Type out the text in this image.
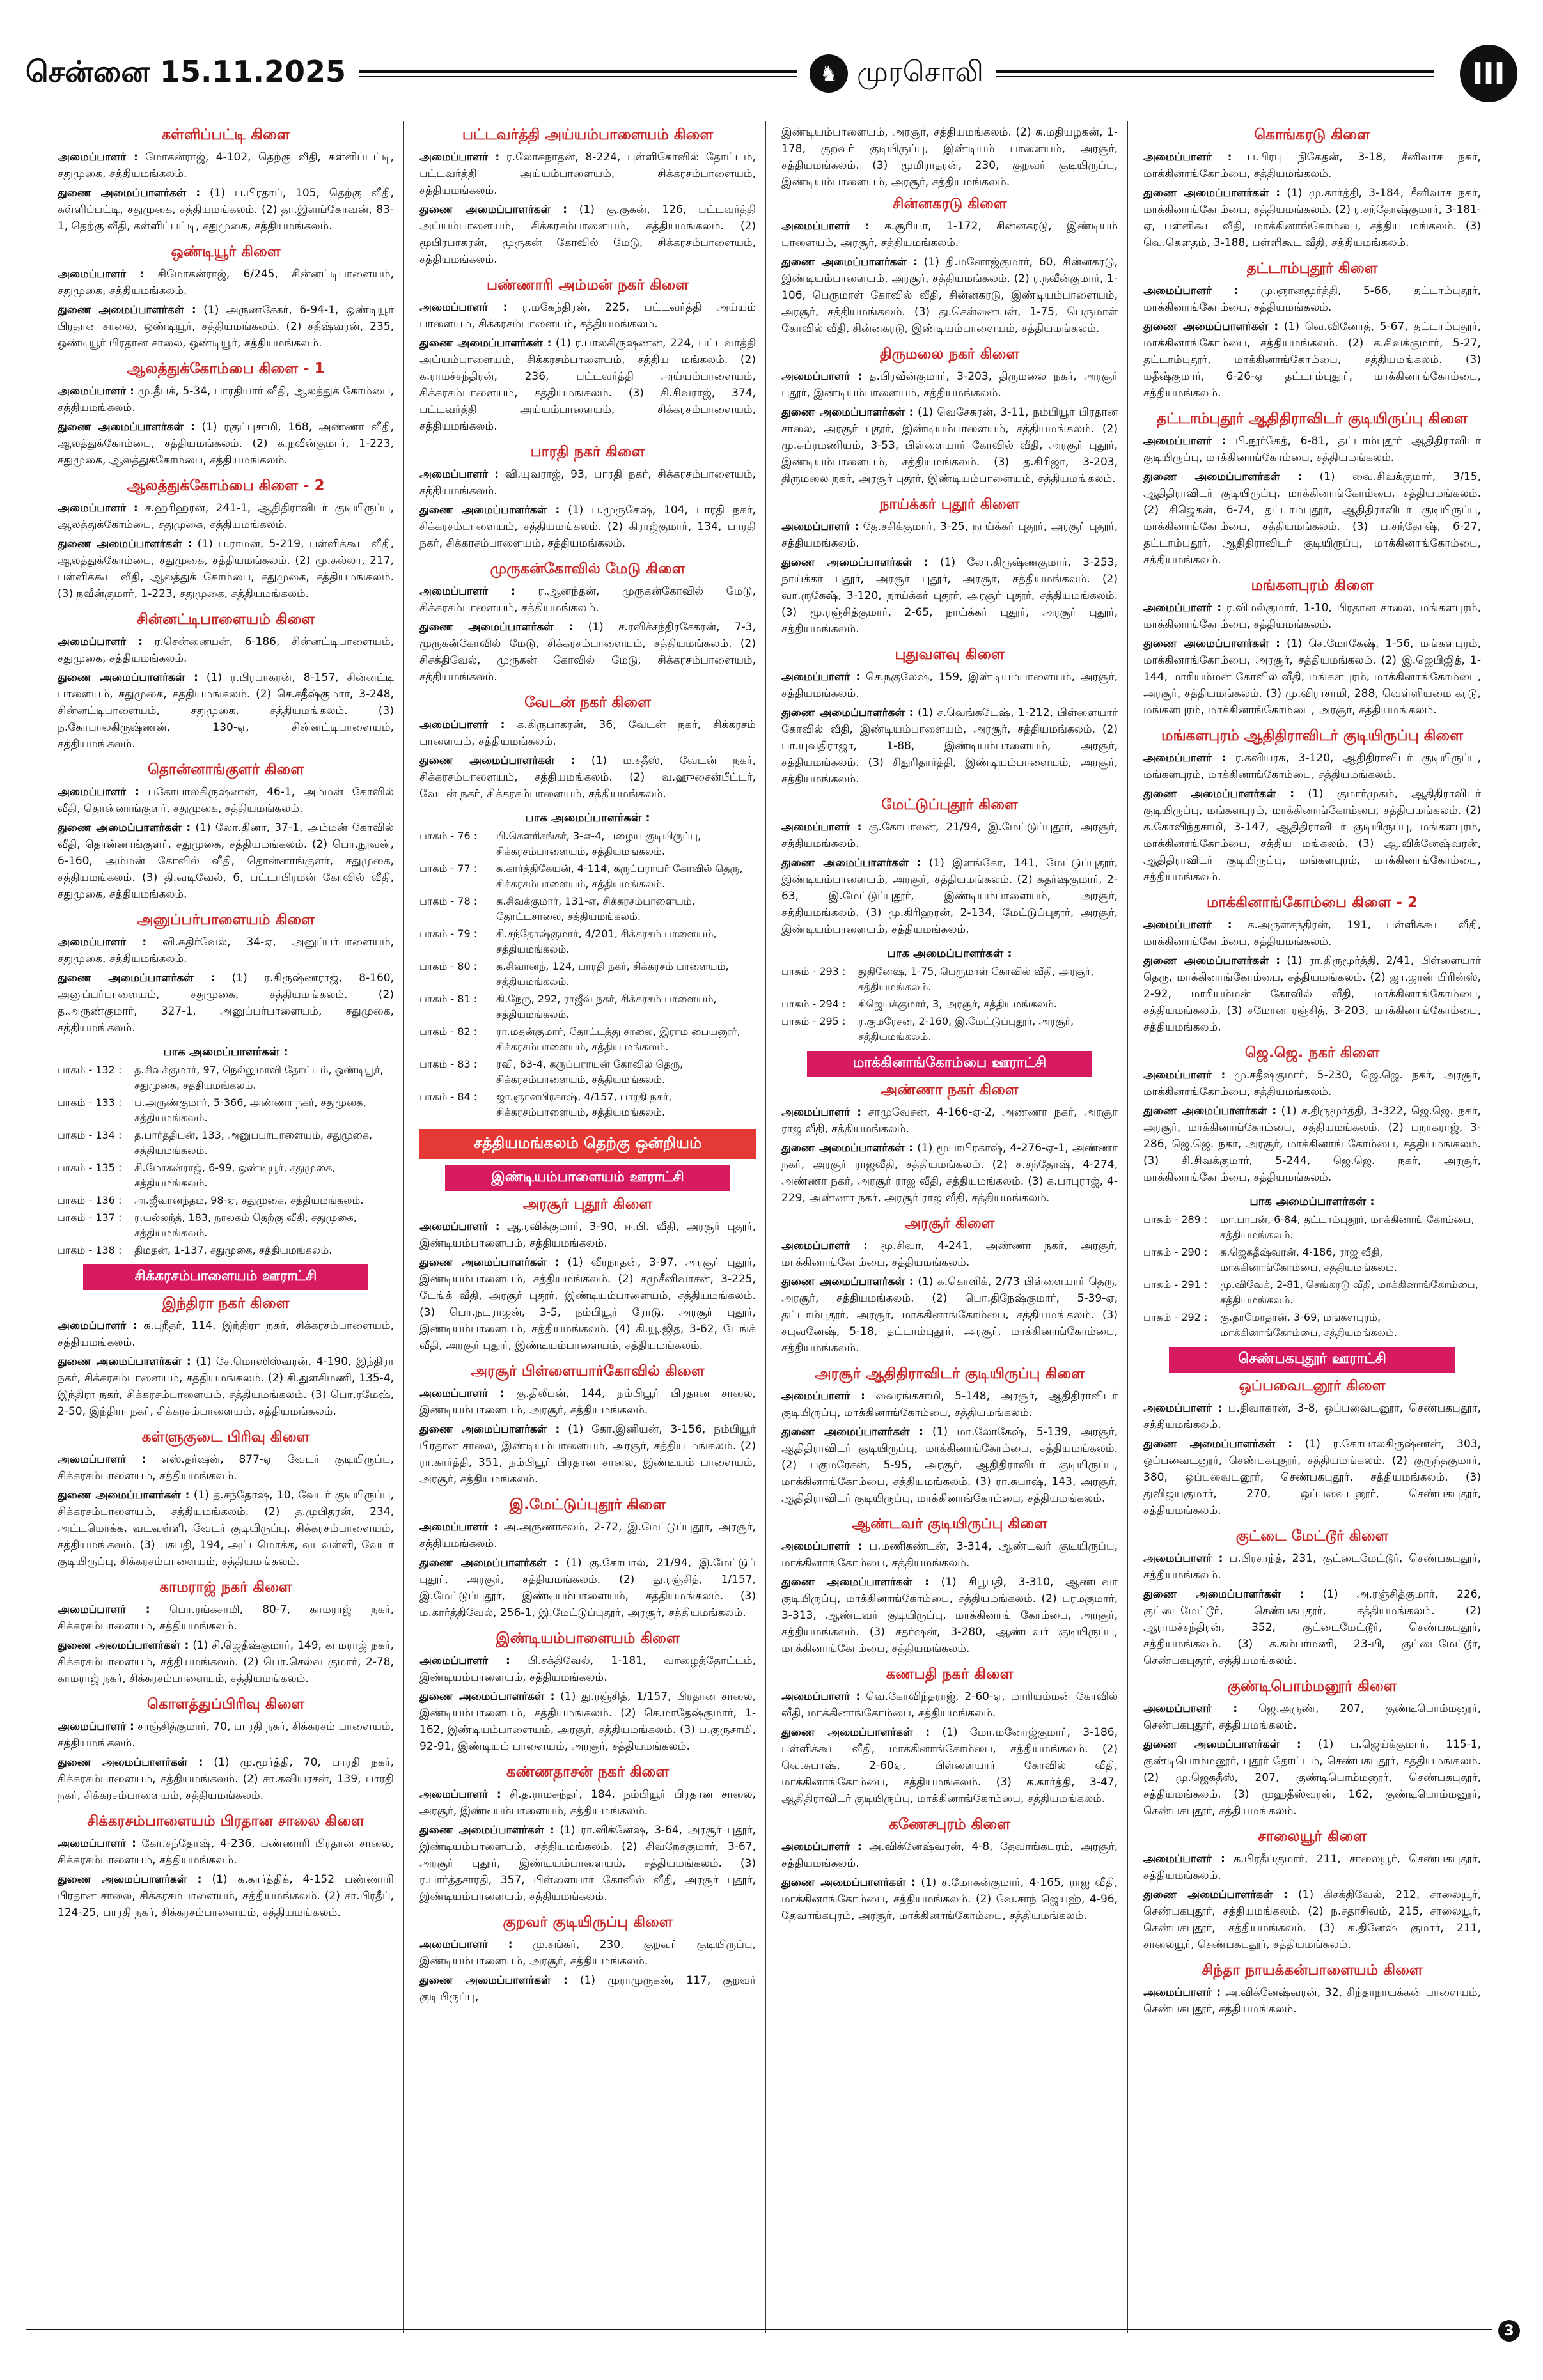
சென்னை 15.11.2025	♞ முரசொலி	III
கள்ளிப்பட்டி கிளை
அமைப்பாளர் : மோகன்ராஜ், 4-102, தெற்கு வீதி, கள்ளிப்பட்டி, சதுமுகை, சத்தியமங்கலம்.
துணை அமைப்பாளர்கள் : (1) ப.பிரதாப், 105, தெற்கு வீதி, கள்ளிப்பட்டி, சதுமுகை, சத்தியமங்கலம். (2) தா.இளங்கோவன், 83-1, தெற்கு வீதி, கள்ளிப்பட்டி, சதுமுகை, சத்தியமங்கலம்.
ஒண்டியூர் கிளை
அமைப்பாளர் : சிமோகன்ராஜ், 6/245, சின்னட்டிபாளையம், சதுமுகை, சத்தியமங்கலம்.
துணை அமைப்பாளர்கள் : (1) அருணசேகர், 6-94-1, ஒண்டியூர் பிரதான சாலை, ஒண்டியூர், சத்தியமங்கலம். (2) சதீஷ்வரன், 235, ஒண்டியூர் பிரதான சாலை, ஒண்டியூர், சத்தியமங்கலம்.
ஆலத்துக்கோம்பை கிளை - 1
அமைப்பாளர் : மு.தீபக், 5-34, பாரதியார் வீதி, ஆலத்துக் கோம்பை, சத்தியமங்கலம்.
துணை அமைப்பாளர்கள் : (1) ரகுப்புசாமி, 168, அண்ணா வீதி, ஆலத்துக்கோம்பை, சத்தியமங்கலம். (2) க.நவீன்குமார், 1-223, சதுமுகை, ஆலத்துக்கோம்பை, சத்தியமங்கலம்.
ஆலத்துக்கோம்பை கிளை - 2
அமைப்பாளர் : ச.ஹரிஹரன், 241-1, ஆதிதிராவிடர் குடியிருப்பு, ஆலத்துக்கோம்பை, சதுமுகை, சத்தியமங்கலம்.
துணை அமைப்பாளர்கள் : (1) ப.ராமன், 5-219, பள்ளிக்கூட வீதி, ஆலத்துக்கோம்பை, சதுமுகை, சத்தியமங்கலம். (2) மூ.சுல்லா, 217, பள்ளிக்கூட வீதி, ஆலத்துக் கோம்பை, சதுமுகை, சத்தியமங்கலம். (3) நவீன்குமார், 1-223, சதுமுகை, சத்தியமங்கலம்.
சின்னட்டிபாளையம் கிளை
அமைப்பாளர் : ர.சென்னையன், 6-186, சின்னட்டிபாளையம், சதுமுகை, சத்தியமங்கலம்.
துணை அமைப்பாளர்கள் : (1) ர.பிரபாகரன், 8-157, சின்னட்டி பாளையம், சதுமுகை, சத்தியமங்கலம். (2) செ.சதீஷ்குமார், 3-248, சின்னட்டிபாளையம், சதுமுகை, சத்தியமங்கலம். (3) ந.கோபாலகிருஷ்ணன், 130-ஏ, சின்னட்டிபாளையம், சத்தியமங்கலம்.
தொன்னாங்குளர் கிளை
அமைப்பாளர் : பகோபாலகிருஷ்ணன், 46-1, அம்மன் கோவில் வீதி, தொன்னாங்குளர், சதுமுகை, சத்தியமங்கலம்.
துணை அமைப்பாளர்கள் : (1) லோ.தினா, 37-1, அம்மன் கோவில் வீதி, தொன்னாங்குளர், சதுமுகை, சத்தியமங்கலம். (2) பொ.நூவன், 6-160, அம்மன் கோவில் வீதி, தொன்னாங்குளர், சதுமுகை, சத்தியமங்கலம். (3) தி.வடிவேல், 6, பட்டாபிரமன் கோவில் வீதி, சதுமுகை, சத்தியமங்கலம்.
அனுப்பர்பாளையம் கிளை
அமைப்பாளர் : வி.சுதிர்வேல், 34-ஏ, அனுப்பர்பாளையம், சதுமுகை, சத்தியமங்கலம்.
துணை அமைப்பாளர்கள் : (1) ர.கிருஷ்ணராஜ், 8-160, அனுப்பர்பாளையம், சதுமுகை, சத்தியமங்கலம். (2) த.அருண்குமார், 327-1, அனுப்பர்பாளையம், சதுமுகை, சத்தியமங்கலம்.
பாக அமைப்பாளர்கள் :
பாகம் - 132 :	த.சிவக்குமார், 97, நெல்லுமாவி தோட்டம், ஒண்டியூர், சதுமுகை, சத்தியமங்கலம்.
பாகம் - 133 :	ப.அருண்குமார், 5-366, அண்ணா நகர், சதுமுகை, சத்தியமங்கலம்.
பாகம் - 134 :	த.பார்த்திபன், 133, அனுப்பர்பாளையம், சதுமுகை, சத்தியமங்கலம்.
பாகம் - 135 :	சி.மோகன்ராஜ், 6-99, ஒண்டியூர், சதுமுகை, சத்தியமங்கலம்.
பாகம் - 136 :	அ.ஜீவானந்தம், 98-ஏ, சதுமுகை, சத்தியமங்கலம்.
பாகம் - 137 :	ர.யல்லந்த், 183, நாலகம் தெற்கு வீதி, சதுமுகை, சத்தியமங்கலம்.
பாகம் - 138 :	திமதன், 1-137, சதுமுகை, சத்தியமங்கலம்.
சிக்கரசம்பாளையம் ஊராட்சி
இந்திரா நகர் கிளை
அமைப்பாளர் : க.புநீதர், 114, இந்திரா நகர், சிக்கரசம்பாளையம், சத்தியமங்கலம்.
துணை அமைப்பாளர்கள் : (1) சே.மொஸிஸ்வரன், 4-190, இந்திரா நகர், சிக்கரசம்பாளையம், சத்தியமங்கலம். (2) சி.துளசிமணி, 135-4, இந்திரா நகர், சிக்கரசம்பாளையம், சத்தியமங்கலம். (3) பொ.ரமேஷ், 2-50, இந்திரா நகர், சிக்கரசம்பாளையம், சத்தியமங்கலம்.
கள்ளுகுடை பிரிவு கிளை
அமைப்பாளர் : எஸ்.தர்ஷன், 877-ஏ வேடர் குடியிருப்பு, சிக்கரசம்பாளையம், சத்தியமங்கலம்.
துணை அமைப்பாளர்கள் : (1) த.சந்தோஷ், 10, வேடர் குடியிருப்பு, சிக்கரசம்பாளையம், சத்தியமங்கலம். (2) த.முபிதரன், 234, அட்டமொக்க, வடவள்ளி, வேடர் குடியிருப்பு, சிக்கரசம்பாளையம், சத்தியமங்கலம். (3) பசுபதி, 194, அட்டமொக்க, வடவள்ளி, வேடர் குடியிருப்பு, சிக்கரசம்பாளையம், சத்தியமங்கலம்.
காமராஜ் நகர் கிளை
அமைப்பாளர் : பொ.ரங்கசாமி, 80-7, காமராஜ் நகர், சிக்கரசம்பாளையம், சத்தியமங்கலம்.
துணை அமைப்பாளர்கள் : (1) சி.ஜெதீஷ்குமார், 149, காமராஜ் நகர், சிக்கரசம்பாளையம், சத்தியமங்கலம். (2) பொ.செல்வ குமார், 2-78, காமராஜ் நகர், சிக்கரசம்பாளையம், சத்தியமங்கலம்.
கொளத்துப்பிரிவு கிளை
அமைப்பாளர் : சாஞ்சித்குமார், 70, பாரதி நகர், சிக்கரசம் பாளையம், சத்தியமங்கலம்.
துணை அமைப்பாளர்கள் : (1) மு.மூர்த்தி, 70, பாரதி நகர், சிக்கரசம்பாளையம், சத்தியமங்கலம். (2) சா.கவியரசன், 139, பாரதி நகர், சிக்கரசம்பாளையம், சத்தியமங்கலம்.
சிக்கரசம்பாளையம் பிரதான சாலை கிளை
அமைப்பாளர் : கோ.சந்தோஷ், 4-236, பண்ணாரி பிரதான சாலை, சிக்கரசம்பாளையம், சத்தியமங்கலம்.
துணை அமைப்பாளர்கள் : (1) க.கார்த்திக், 4-152 பண்ணாரி பிரதான சாலை, சிக்கரசம்பாளையம், சத்தியமங்கலம். (2) சா.பிரதீப், 124-25, பாரதி நகர், சிக்கரசம்பாளையம், சத்தியமங்கலம்.
பட்டவர்த்தி அய்யம்பாளையம் கிளை
அமைப்பாளர் : ர.லோகநாதன், 8-224, புள்ளிகோவில் தோட்டம், பட்டவர்த்தி அய்யம்பாளையம், சிக்கரசம்பாளையம், சத்தியமங்கலம்.
துணை அமைப்பாளர்கள் : (1) கு.குகன், 126, பட்டவர்த்தி அய்யம்பாளையம், சிக்கரசம்பாளையம், சத்தியமங்கலம். (2) மூபிரபாகரன், முருகன் கோவில் மேடு, சிக்கரசம்பாளையம், சத்தியமங்கலம்.
பண்ணாரி அம்மன் நகர் கிளை
அமைப்பாளர் : ர.மகேந்திரன், 225, பட்டவர்த்தி அய்யம் பாளையம், சிக்கரசம்பாளையம், சத்தியமங்கலம்.
துணை அமைப்பாளர்கள் : (1) ர.பாலகிருஷ்ணன், 224, பட்டவர்த்தி அய்யம்பாளையம், சிக்கரசம்பாளையம், சத்திய மங்கலம். (2) க.ராமச்சந்திரன், 236, பட்டவர்த்தி அய்யம்பாளையம், சிக்கரசம்பாளையம், சத்தியமங்கலம். (3) சி.சிவராஜ், 374, பட்டவர்த்தி அய்யம்பாளையம், சிக்கரசம்பாளையம், சத்தியமங்கலம்.
பாரதி நகர் கிளை
அமைப்பாளர் : வி.யுவராஜ், 93, பாரதி நகர், சிக்கரசம்பாளையம், சத்தியமங்கலம்.
துணை அமைப்பாளர்கள் : (1) ப.முருகேஷ், 104, பாரதி நகர், சிக்கரசம்பாளையம், சத்தியமங்கலம். (2) கிராஜ்குமார், 134, பாரதி நகர், சிக்கரசம்பாளையம், சத்தியமங்கலம்.
முருகன்கோவில் மேடு கிளை
அமைப்பாளர் : ர.ஆனந்தன், முருகன்கோவில் மேடு, சிக்கரசம்பாளையம், சத்தியமங்கலம்.
துணை அமைப்பாளர்கள் : (1) ச.ரவிச்சந்திரசேகரன், 7-3, முருகன்கோவில் மேடு, சிக்கரசம்பாளையம், சத்தியமங்கலம். (2) சிசக்திவேல், முருகன் கோவில் மேடு, சிக்கரசம்பாளையம், சத்தியமங்கலம்.
வேடன் நகர் கிளை
அமைப்பாளர் : க.கிருபாகரன், 36, வேடன் நகர், சிக்கரசம் பாளையம், சத்தியமங்கலம்.
துணை அமைப்பாளர்கள் : (1) ம.சதீஸ், வேடன் நகர், சிக்கரசம்பாளையம், சத்தியமங்கலம். (2) வ.ஹுசைன்பீட்டர், வேடன் நகர், சிக்கரசம்பாளையம், சத்தியமங்கலம்.
பாக அமைப்பாளர்கள் :
பாகம் - 76 :	பி.கெளரிசங்கர், 3-எ-4, பழைய குடியிருப்பு, சிக்கரசம்பாளையம், சத்தியமங்கலம்.
பாகம் - 77 :	க.கார்த்திகேயன், 4-114, கருப்பராயர் கோவில் தெரு, சிக்கரசம்பாளையம், சத்தியமங்கலம்.
பாகம் - 78 :	க.சிவக்குமார், 131-எ, சிக்கரசம்பாளையம், தோட்டசாலை, சத்தியமங்கலம்.
பாகம் - 79 :	சி.சந்தோஷ்குமார், 4/201, சிக்கரசம் பாளையம், சத்தியமங்கலம்.
பாகம் - 80 :	க.சிவானந், 124, பாரதி நகர், சிக்கரசம் பாளையம், சத்தியமங்கலம்.
பாகம் - 81 :	கி.நேரு, 292, ராஜீவ் நகர், சிக்கரசம் பாளையம், சத்தியமங்கலம்.
பாகம் - 82 :	ரா.மதன்குமார், தோட்டத்து சாலை, இராம பையனூர், சிக்கரசம்பாளையம், சத்திய மங்கலம்.
பாகம் - 83 :	ரவி, 63-4, கருப்பராயன் கோவில் தெரு, சிக்கரசம்பாளையம், சத்தியமங்கலம்.
பாகம் - 84 :	ஜா.ஞானபிரகாஷ், 4/157, பாரதி நகர், சிக்கரசம்பாளையம், சத்தியமங்கலம்.
சத்தியமங்கலம் தெற்கு ஒன்றியம்
இண்டியம்பாளையம் ஊராட்சி
அரசூர் புதூர் கிளை
அமைப்பாளர் : ஆ.ரவிக்குமார், 3-90, ஈ.பி. வீதி, அரசூர் புதூர், இண்டியம்பாளையம், சத்தியமங்கலம்.
துணை அமைப்பாளர்கள் : (1) வீரநாதன், 3-97, அரசூர் புதூர், இண்டியம்பாளையம், சத்தியமங்கலம். (2) சமுசீனிவாசன், 3-225, டேங்க் வீதி, அரசூர் புதூர், இண்டியம்பாளையம், சத்தியமங்கலம். (3) பொ.நடராஜன், 3-5, நம்பியூர் ரோடு, அரசூர் புதூர், இண்டியம்பாளையம், சத்தியமங்கலம். (4) கி.யூ.ஜித், 3-62, டேங்க் வீதி, அரசூர் புதூர், இண்டியம்பாளையம், சத்தியமங்கலம்.
அரசூர் பிள்ளையார்கோவில் கிளை
அமைப்பாளர் : கு.திலீபன், 144, நம்பியூர் பிரதான சாலை, இண்டியம்பாளையம், அரசூர், சத்தியமங்கலம்.
துணை அமைப்பாளர்கள் : (1) கோ.இனியன், 3-156, நம்பியூர் பிரதான சாலை, இண்டியம்பாளையம், அரசூர், சத்திய மங்கலம். (2) ரா.கார்த்தி, 351, நம்பியூர் பிரதான சாலை, இண்டியம் பாளையம், அரசூர், சத்தியமங்கலம்.
இ.மேட்டுப்புதூர் கிளை
அமைப்பாளர் : அ.அருணாசலம், 2-72, இ.மேட்டுப்புதூர், அரசூர், சத்தியமங்கலம்.
துணை அமைப்பாளர்கள் : (1) கு.கோபால், 21/94, இ.மேட்டுப் புதூர், அரசூர், சத்தியமங்கலம். (2) து.ரஞ்சித், 1/157, இ.மேட்டுப்புதூர், இண்டியம்பாளையம், சத்தியமங்கலம். (3) ம.கார்த்திவேல், 256-1, இ.மேட்டுப்புதூர், அரசூர், சத்தியமங்கலம்.
இண்டியம்பாளையம் கிளை
அமைப்பாளர் : பி.சக்திவேல், 1-181, வாழைத்தோட்டம், இண்டியம்பாளையம், சத்தியமங்கலம்.
துணை அமைப்பாளர்கள் : (1) து.ரஞ்சித், 1/157, பிரதான சாலை, இண்டியம்பாளையம், சத்தியமங்கலம். (2) செ.மாதேஷ்குமார், 1-162, இண்டியம்பாளையம், அரசூர், சத்தியமங்கலம். (3) ப.குருசாமி, 92-91, இண்டியம் பாளையம், அரசூர், சத்தியமங்கலம்.
கண்ணதாசன் நகர் கிளை
அமைப்பாளர் : சி.த.ராமசுந்தர், 184, நம்பியூர் பிரதான சாலை, அரசூர், இண்டியம்பாளையம், சத்தியமங்கலம்.
துணை அமைப்பாளர்கள் : (1) ரா.விக்னேஷ், 3-64, அரசூர் புதூர், இண்டியம்பாளையம், சத்தியமங்கலம். (2) சிவநேசகுமார், 3-67, அரசூர் புதூர், இண்டியம்பாளையம், சத்தியமங்கலம். (3) ர.பார்த்தசாரதி, 357, பிள்ளையார் கோவில் வீதி, அரசூர் புதூர், இண்டியம்பாளையம், சத்தியமங்கலம்.
குறவர் குடியிருப்பு கிளை
அமைப்பாளர் : மு.சங்கர், 230, குறவர் குடியிருப்பு, இண்டியம்பாளையம், அரசூர், சத்தியமங்கலம்.
துணை அமைப்பாளர்கள் : (1) முராமுருகன், 117, குறவர் குடியிருப்பு,
இண்டியம்பாளையம், அரசூர், சத்தியமங்கலம். (2) சு.மதியழகன், 1-178, குறவர் குடியிருப்பு, இண்டியம் பாளையம், அரசூர், சத்தியமங்கலம். (3) மூமிராதரன், 230, குறவர் குடியிருப்பு, இண்டியம்பாளையம், அரசூர், சத்தியமங்கலம்.
சின்னகரடு கிளை
அமைப்பாளர் : க.சூரியா, 1-172, சின்னகரடு, இண்டியம் பாளையம், அரசூர், சத்தியமங்கலம்.
துணை அமைப்பாளர்கள் : (1) தி.மனோஜ்குமார், 60, சின்னகரடு, இண்டியம்பாளையம், அரசூர், சத்தியமங்கலம். (2) ர.நவீன்குமார், 1-106, பெருமாள் கோவில் வீதி, சின்னகரடு, இண்டியம்பாளையம், அரசூர், சத்தியமங்கலம். (3) து.சென்னையன், 1-75, பெருமாள் கோவில் வீதி, சின்னகரடு, இண்டியம்பாளையம், சத்தியமங்கலம்.
திருமலை நகர் கிளை
அமைப்பாளர் : த.பிரவீன்குமார், 3-203, திருமலை நகர், அரசூர் புதூர், இண்டியம்பாளையம், சத்தியமங்கலம்.
துணை அமைப்பாளர்கள் : (1) வெசேகரன், 3-11, நம்பியூர் பிரதான சாலை, அரசூர் புதூர், இண்டியம்பாளையம், சத்தியமங்கலம். (2) மு.சுப்ரமணியம், 3-53, பிள்ளையார் கோவில் வீதி, அரசூர் புதூர், இண்டியம்பாளையம், சத்தியமங்கலம். (3) த.கிரிஜா, 3-203, திருமலை நகர், அரசூர் புதூர், இண்டியம்பாளையம், சத்தியமங்கலம்.
நாய்க்கர் புதூர் கிளை
அமைப்பாளர் : தே.சசிக்குமார், 3-25, நாய்க்கர் புதூர், அரசூர் புதூர், சத்தியமங்கலம்.
துணை அமைப்பாளர்கள் : (1) லோ.கிருஷ்ணகுமார், 3-253, நாய்க்கர் புதூர், அரசூர் புதூர், அரசூர், சத்தியமங்கலம். (2) வா.ரூகேஷ், 3-120, நாய்க்கர் புதூர், அரசூர் புதூர், சத்தியமங்கலம். (3) மூ.ரஞ்சித்குமார், 2-65, நாய்க்கர் புதூர், அரசூர் புதூர், சத்தியமங்கலம்.
புதுவளவு கிளை
அமைப்பாளர் : செ.நகுலேஷ், 159, இண்டியம்பாளையம், அரசூர், சத்தியமங்கலம்.
துணை அமைப்பாளர்கள் : (1) ச.வெங்கடேஷ், 1-212, பிள்ளையார் கோவில் வீதி, இண்டியம்பாளையம், அரசூர், சத்தியமங்கலம். (2) பா.யுவதிராஜா, 1-88, இண்டியம்பாளையம், அரசூர், சத்தியமங்கலம். (3) சிதுரிதார்த்தி, இண்டியம்பாளையம், அரசூர், சத்தியமங்கலம்.
மேட்டுப்புதூர் கிளை
அமைப்பாளர் : கு.கோபாலன், 21/94, இ.மேட்டுப்புதூர், அரசூர், சத்தியமங்கலம்.
துணை அமைப்பாளர்கள் : (1) இளங்கோ, 141, மேட்டுப்புதூர், இண்டியம்பாளையம், அரசூர், சத்தியமங்கலம். (2) கதர்ஷகுமார், 2-63, இ.மேட்டுப்புதூர், இண்டியம்பாளையம், அரசூர், சத்தியமங்கலம். (3) மு.கிரிஹரன், 2-134, மேட்டுப்புதூர், அரசூர், இண்டியம்பாளையம், சத்தியமங்கலம்.
பாக அமைப்பாளர்கள் :
பாகம் - 293 :	துதினேஷ், 1-75, பெருமாள் கோவில் வீதி, அரசூர், சத்தியமங்கலம்.
பாகம் - 294 :	சிஜெயக்குமார், 3, அரசூர், சத்தியமங்கலம்.
பாகம் - 295 :	ர.குமரேசன், 2-160, இ.மேட்டுப்புதூர், அரசூர், சத்தியமங்கலம்.
மாக்கினாங்கோம்பை ஊராட்சி
அண்ணா நகர் கிளை
அமைப்பாளர் : சாமுவேசன், 4-166-ஏ-2, அண்ணா நகர், அரசூர் ராஜ வீதி, சத்தியமங்கலம்.
துணை அமைப்பாளர்கள் : (1) மூபாபிரகாஷ், 4-276-ஏ-1, அண்ணா நகர், அரசூர் ராஜவீதி, சத்தியமங்கலம். (2) ச.சந்தோஷ், 4-274, அண்ணா நகர், அரசூர் ராஜ வீதி, சத்தியமங்கலம். (3) க.பாபுராஜ், 4-229, அண்ணா நகர், அரசூர் ராஜ வீதி, சத்தியமங்கலம்.
அரசூர் கிளை
அமைப்பாளர் : மூ.சிவா, 4-241, அண்ணா நகர், அரசூர், மாக்கினாங்கோம்பை, சத்தியமங்கலம்.
துணை அமைப்பாளர்கள் : (1) க.கொளிக், 2/73 பிள்ளையார் தெரு, அரசூர், சத்தியமங்கலம். (2) பொ.திநேஷ்குமார், 5-39-ஏ, தட்டாம்புதூர், அரசூர், மாக்கினாங்கோம்பை, சத்தியமங்கலம். (3) சபுவனேஷ், 5-18, தட்டாம்புதூர், அரசூர், மாக்கினாங்கோம்பை, சத்தியமங்கலம்.
அரசூர் ஆதிதிராவிடர் குடியிருப்பு கிளை
அமைப்பாளர் : வைரங்கசாமி, 5-148, அரசூர், ஆதிதிராவிடர் குடியிருப்பு, மாக்கினாங்கோம்பை, சத்தியமங்கலம்.
துணை அமைப்பாளர்கள் : (1) மா.லோகேஷ், 5-139, அரசூர், ஆதிதிராவிடர் குடியிருப்பு, மாக்கினாங்கோம்பை, சத்தியமங்கலம். (2) பகுமரேசன், 5-95, அரசூர், ஆதிதிராவிடர் குடியிருப்பு, மாக்கினாங்கோம்பை, சத்தியமங்கலம். (3) ரா.சுபாஷ், 143, அரசூர், ஆதிதிராவிடர் குடியிருப்பு, மாக்கினாங்கோம்பை, சத்தியமங்கலம்.
ஆண்டவர் குடியிருப்பு கிளை
அமைப்பாளர் : ப.மணிகண்டன், 3-314, ஆண்டவர் குடியிருப்பு, மாக்கினாங்கோம்பை, சத்தியமங்கலம்.
துணை அமைப்பாளர்கள் : (1) சிபூபதி, 3-310, ஆண்டவர் குடியிருப்பு, மாக்கினாங்கோம்பை, சத்தியமங்கலம். (2) பரமகுமார், 3-313, ஆண்டவர் குடியிருப்பு, மாக்கினாங் கோம்பை, அரசூர், சத்தியமங்கலம். (3) சதர்ஷன், 3-280, ஆண்டவர் குடியிருப்பு, மாக்கினாங்கோம்பை, சத்தியமங்கலம்.
கணபதி நகர் கிளை
அமைப்பாளர் : வெ.கோவிந்தராஜ், 2-60-ஏ, மாரியம்மன் கோவில் வீதி, மாக்கினாங்கோம்பை, சத்தியமங்கலம்.
துணை அமைப்பாளர்கள் : (1) மோ.மனோஜ்குமார், 3-186, பள்ளிக்கூட வீதி, மாக்கினாங்கோம்பை, சத்தியமங்கலம். (2) வெ.சுபாஷ், 2-60ஏ, பிள்ளையார் கோவில் வீதி, மாக்கினாங்கோம்பை, சத்தியமங்கலம். (3) க.கார்த்தி, 3-47, ஆதிதிராவிடர் குடியிருப்பு, மாக்கினாங்கோம்பை, சத்தியமங்கலம்.
கணேசபுரம் கிளை
அமைப்பாளர் : அ.விக்னேஷ்வரன், 4-8, தேவாங்கபுரம், அரசூர், சத்தியமங்கலம்.
துணை அமைப்பாளர்கள் : (1) ச.மோகன்குமார், 4-165, ராஜ வீதி, மாக்கினாங்கோம்பை, சத்தியமங்கலம். (2) வே.சாந் ஜெயஹ், 4-96, தேவாங்கபுரம், அரசூர், மாக்கினாங்கோம்பை, சத்தியமங்கலம்.
கொங்கரடு கிளை
அமைப்பாளர் : ப.பிரபு நிகேதன், 3-18, சீனிவாச நகர், மாக்கினாங்கோம்பை, சத்தியமங்கலம்.
துணை அமைப்பாளர்கள் : (1) மு.கார்த்தி, 3-184, சீனிவாச நகர், மாக்கினாங்கோம்பை, சத்தியமங்கலம். (2) ர.சந்தோஷ்குமார், 3-181-ஏ, பள்ளிகூட வீதி, மாக்கினாங்கோம்பை, சத்திய மங்கலம். (3) வெ.கௌதம், 3-188, பள்ளிகூட வீதி, சத்தியமங்கலம்.
தட்டாம்புதூர் கிளை
அமைப்பாளர் : மு.ஞானமூர்த்தி, 5-66, தட்டாம்புதூர், மாக்கினாங்கோம்பை, சத்தியமங்கலம்.
துணை அமைப்பாளர்கள் : (1) வெ.வினோத், 5-67, தட்டாம்புதூர், மாக்கினாங்கோம்பை, சத்தியமங்கலம். (2) க.சிவக்குமார், 5-27, தட்டாம்புதூர், மாக்கினாங்கோம்பை, சத்தியமங்கலம். (3) மதீஷ்குமார், 6-26-ஏ தட்டாம்புதூர், மாக்கினாங்கோம்பை, சத்தியமங்கலம்.
தட்டாம்புதூர் ஆதிதிராவிடர் குடியிருப்பு கிளை
அமைப்பாளர் : பி.நூர்கேத், 6-81, தட்டாம்புதூர் ஆதிதிராவிடர் குடியிருப்பு, மாக்கினாங்கோம்பை, சத்தியமங்கலம்.
துணை அமைப்பாளர்கள் : (1) வை.சிவக்குமார், 3/15, ஆதிதிராவிடர் குடியிருப்பு, மாக்கினாங்கோம்பை, சத்தியமங்கலம். (2) கிஜெகன், 6-74, தட்டாம்புதூர், ஆதிதிராவிடர் குடியிருப்பு, மாக்கினாங்கோம்பை, சத்தியமங்கலம். (3) ப.சந்தோஷ், 6-27, தட்டாம்புதூர், ஆதிதிராவிடர் குடியிருப்பு, மாக்கினாங்கோம்பை, சத்தியமங்கலம்.
மங்களபுரம் கிளை
அமைப்பாளர் : ர.விமல்குமார், 1-10, பிரதான சாலை, மங்களபுரம், மாக்கினாங்கோம்பை, சத்தியமங்கலம்.
துணை அமைப்பாளர்கள் : (1) செ.மோகேஷ், 1-56, மங்களபுரம், மாக்கினாங்கோம்பை, அரசூர், சத்தியமங்கலம். (2) இ.ஜெபிஜித், 1-144, மாரியம்மன் கோவில் வீதி, மங்களபுரம், மாக்கினாங்கோம்பை, அரசூர், சத்தியமங்கலம். (3) மு.விராசாமி, 288, வெள்ளியமை கரடு, மங்களபுரம், மாக்கினாங்கோம்பை, அரசூர், சத்தியமங்கலம்.
மங்களபுரம் ஆதிதிராவிடர் குடியிருப்பு கிளை
அமைப்பாளர் : ர.கவியரசு, 3-120, ஆதிதிராவிடர் குடியிருப்பு, மங்களபுரம், மாக்கினாங்கோம்பை, சத்தியமங்கலம்.
துணை அமைப்பாளர்கள் : (1) குமார்முகம், ஆதிதிராவிடர் குடியிருப்பு, மங்களபுரம், மாக்கினாங்கோம்பை, சத்தியமங்கலம். (2) க.கோவிந்தசாமி, 3-147, ஆதிதிராவிடர் குடியிருப்பு, மங்களபுரம், மாக்கினாங்கோம்பை, சத்திய மங்கலம். (3) ஆ.விக்னேஷ்வரன், ஆதிதிராவிடர் குடியிருப்பு, மங்களபுரம், மாக்கினாங்கோம்பை, சத்தியமங்கலம்.
மாக்கினாங்கோம்பை கிளை - 2
அமைப்பாளர் : க.அருள்சந்திரன், 191, பள்ளிக்கூட வீதி, மாக்கினாங்கோம்பை, சத்தியமங்கலம்.
துணை அமைப்பாளர்கள் : (1) ரா.திருமூர்த்தி, 2/41, பிள்ளையார் தெரு, மாக்கினாங்கோம்பை, சத்தியமங்கலம். (2) ஜா.ஜான் பிரின்ஸ், 2-92, மாரியம்மன் கோவில் வீதி, மாக்கினாங்கோம்பை, சத்தியமங்கலம். (3) சமோன ரஞ்சித், 3-203, மாக்கினாங்கோம்பை, சத்தியமங்கலம்.
ஜெ.ஜெ. நகர் கிளை
அமைப்பாளர் : மு.சதீஷ்குமார், 5-230, ஜெ.ஜெ. நகர், அரசூர், மாக்கினாங்கோம்பை, சத்தியமங்கலம்.
துணை அமைப்பாளர்கள் : (1) ச.திருமூர்த்தி, 3-322, ஜெ.ஜெ. நகர், அரசூர், மாக்கினாங்கோம்பை, சத்தியமங்கலம். (2) பநாகராஜ், 3-286, ஜெ.ஜெ. நகர், அரசூர், மாக்கினாங் கோம்பை, சத்தியமங்கலம். (3) சி.சிவக்குமார், 5-244, ஜெ.ஜெ. நகர், அரசூர், மாக்கினாங்கோம்பை, சத்தியமங்கலம்.
பாக அமைப்பாளர்கள் :
பாகம் - 289 :	மா.பாபன், 6-84, தட்டாம்புதூர், மாக்கினாங் கோம்பை, சத்தியமங்கலம்.
பாகம் - 290 :	க.ஜெகதீஷ்வரன், 4-186, ராஜ வீதி, மாக்கினாங்கோம்பை, சத்தியமங்கலம்.
பாகம் - 291 :	மு.விவேக், 2-81, செங்கரடு வீதி, மாக்கினாங்கோம்பை, சத்தியமங்கலம்.
பாகம் - 292 :	கு.தாமோதரன், 3-69, மங்களபுரம், மாக்கினாங்கோம்பை, சத்தியமங்கலம்.
செண்பகபுதூர் ஊராட்சி
ஒப்பவைடனூர் கிளை
அமைப்பாளர் : ப.திவாகரன், 3-8, ஒப்பவைடனூர், செண்பகபுதூர், சத்தியமங்கலம்.
துணை அமைப்பாளர்கள் : (1) ர.கோபாலகிருஷ்ணன், 303, ஒப்பவைடனூர், செண்பகபுதூர், சத்தியமங்கலம். (2) குருந்தகுமார், 380, ஒப்பவைடனூர், செண்பகபுதூர், சத்தியமங்கலம். (3) துவிஜயகுமார், 270, ஒப்பவைடனூர், செண்பகபுதூர், சத்தியமங்கலம்.
குட்டை மேட்டூர் கிளை
அமைப்பாளர் : ப.பிரசாந்த், 231, குட்டைமேட்டூர், செண்பகபுதூர், சத்தியமங்கலம்.
துணை அமைப்பாளர்கள் : (1) அ.ரஞ்சித்குமார், 226, குட்டைமேட்டூர், செண்பகபுதூர், சத்தியமங்கலம். (2) ஆராமச்சந்திரன், 352, குட்டைமேட்டூர், செண்பகபுதூர், சத்தியமங்கலம். (3) க.கம்பர்மணி, 23-பி, குட்டைமேட்டூர், செண்பகபுதூர், சத்தியமங்கலம்.
குண்டிபொம்மனூர் கிளை
அமைப்பாளர் : ஜெ.அருண், 207, குண்டிபொம்மனூர், செண்பகபுதூர், சத்தியமங்கலம்.
துணை அமைப்பாளர்கள் : (1) ப.ஜெய்க்குமார், 115-1, குண்டிபொம்மனூர், புதூர் தோட்டம், செண்பகபுதூர், சத்தியமங்கலம். (2) மு.ஜெகதீஸ், 207, குண்டிபொம்மனூர், செண்பகபுதூர், சத்தியமங்கலம். (3) முஹதீஸ்வரன், 162, குண்டிபொம்மனூர், செண்பகபுதூர், சத்தியமங்கலம்.
சாலையூர் கிளை
அமைப்பாளர் : க.பிரதீப்குமார், 211, சாலையூர், செண்பகபுதூர், சத்தியமங்கலம்.
துணை அமைப்பாளர்கள் : (1) கிசக்திவேல், 212, சாலையூர், செண்பகபுதூர், சத்தியமங்கலம். (2) ந.சதாசிவம், 215, சாலையூர், செண்பகபுதூர், சத்தியமங்கலம். (3) க.தினேஷ் குமார், 211, சாலையூர், செண்பகபுதூர், சத்தியமங்கலம்.
சிந்தா நாயக்கன்பாளையம் கிளை
அமைப்பாளர் : அ.விக்னேஷ்வரன், 32, சிந்தாநாயக்கன் பாளையம், செண்பகபுதூர், சத்தியமங்கலம்.
3
